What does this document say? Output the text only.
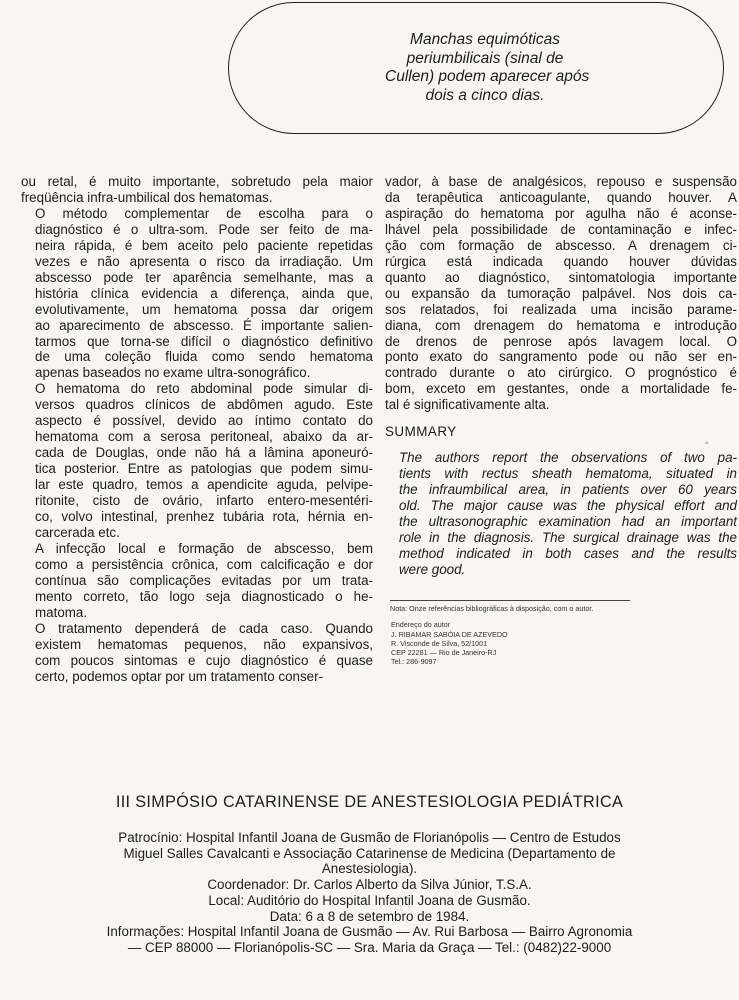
Manchas equimóticas
periumbilicais (sinal de
Cullen) podem aparecer após
dois a cinco dias.

ou retal, é muito importante, sobretudo pela maior
freqüência infra-umbilical dos hematomas.

O método complementar de escolha para o
diagnóstico é o ultra-som. Pode ser feito de ma-
neira rápida, é bem aceito pelo paciente repetidas
vezes e não apresenta o risco da irradiação. Um
abscesso pode ter aparência semelhante, mas a
história clínica evidencia a diferença, ainda que,
evolutivamente, um hematoma possa dar origem
ao aparecimento de abscesso. É importante salien-
tarmos que torna-se difícil o diagnóstico definitivo
de uma coleção fluida como sendo hematoma
apenas baseados no exame ultra-sonográfico.

O hematoma do reto abdominal pode simular di-
versos quadros clínicos de abdômen agudo. Este
aspecto é possível, devido ao íntimo contato do
hematoma com a serosa peritoneal, abaixo da ar-
cada de Douglas, onde não há a lâmina aponeuró-
tica posterior. Entre as patologias que podem simu-
lar este quadro, temos a apendicite aguda, pelvipe-
ritonite, cisto de ovário, infarto entero-mesentéri-
co, volvo intestinal, prenhez tubária rota, hérnia en-
carcerada etc.

A infecção local e formação de abscesso, bem
como a persistência crônica, com calcificação e dor
contínua são complicações evitadas por um trata-
mento correto, tão logo seja diagnosticado o he-
matoma.

O tratamento dependerá de cada caso. Quando
existem hematomas pequenos, não expansivos,
com poucos sintomas e cujo diagnóstico é quase
certo, podemos optar por um tratamento conser-

vador, à base de analgésicos, repouso e suspensão
da terapêutica anticoagulante, quando houver. A
aspiração do hematoma por agulha não é aconse-
lhável pela possibilidade de contaminação e infec-
ção com formação de abscesso. A drenagem ci-
rúrgica está indicada quando houver dúvidas
quanto ao diagnóstico, sintomatologia importante
ou expansão da tumoração palpável. Nos dois ca-
sos relatados, foi realizada uma incisão parame-
diana, com drenagem do hematoma e introdução
de drenos de penrose após lavagem local. O
ponto exato do sangramento pode ou não ser en-
contrado durante o ato cirúrgico. O prognóstico é
bom, exceto em gestantes, onde a mortalidade fe-
tal é significativamente alta.

SUMMARY

The authors report the observations of two pa-
tients with rectus sheath hematoma, situated in
the infraumbilical area, in patients over 60 years
old. The major cause was the physical effort and
the ultrasonographic examination had an important
role in the diagnosis. The surgical drainage was the
method indicated in both cases and the results
were good.

◦
Nota: Onze referências bibliográficas à disposição, com o autor.
Endereço do autor
J. RIBAMAR SABÓIA DE AZEVEDO
R. Visconde de Silva, 52/1001
CEP 22281 — Rio de Janeiro-RJ
Tel.: 286-9097
III SIMPÓSIO CATARINENSE DE ANESTESIOLOGIA PEDIÁTRICA
Patrocínio: Hospital Infantil Joana de Gusmão de Florianópolis — Centro de Estudos
Miguel Salles Cavalcanti e Associação Catarinense de Medicina (Departamento de
Anestesiologia).
Coordenador: Dr. Carlos Alberto da Silva Júnior, T.S.A.
Local: Auditório do Hospital Infantil Joana de Gusmão.
Data: 6 a 8 de setembro de 1984.
Informações: Hospital Infantil Joana de Gusmão — Av. Rui Barbosa — Bairro Agronomia
— CEP 88000 — Florianópolis-SC — Sra. Maria da Graça — Tel.: (0482)22-9000
